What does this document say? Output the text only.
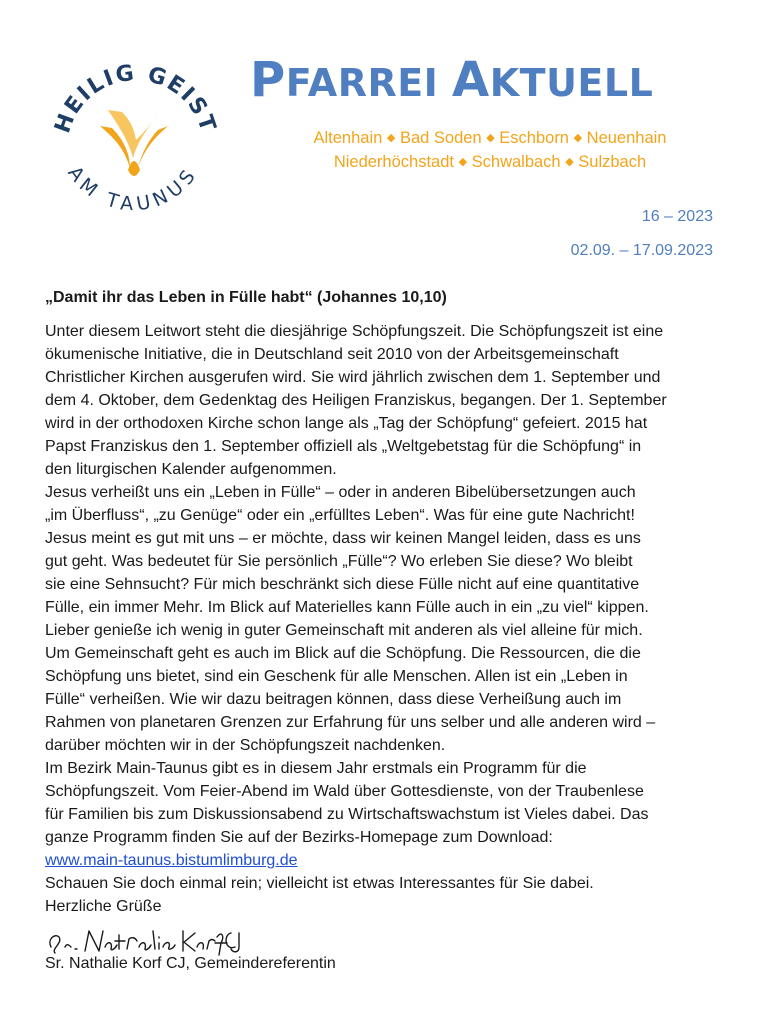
HEILIG GEIST
AM TAUNUS
PFARREI AKTUELL
Altenhain ◆ Bad Soden ◆ Eschborn ◆ Neuenhain
Niederhöchstadt ◆ Schwalbach ◆ Sulzbach
16 – 2023
02.09. – 17.09.2023
„Damit ihr das Leben in Fülle habt“ (Johannes 10,10)

Unter diesem Leitwort steht die diesjährige Schöpfungszeit. Die Schöpfungszeit ist eine

ökumenische Initiative, die in Deutschland seit 2010 von der Arbeitsgemeinschaft

Christlicher Kirchen ausgerufen wird. Sie wird jährlich zwischen dem 1. September und

dem 4. Oktober, dem Gedenktag des Heiligen Franziskus, begangen. Der 1. September

wird in der orthodoxen Kirche schon lange als „Tag der Schöpfung“ gefeiert. 2015 hat

Papst Franziskus den 1. September offiziell als „Weltgebetstag für die Schöpfung“ in

den liturgischen Kalender aufgenommen.

Jesus verheißt uns ein „Leben in Fülle“ – oder in anderen Bibelübersetzungen auch

„im Überfluss“, „zu Genüge“ oder ein „erfülltes Leben“. Was für eine gute Nachricht!

Jesus meint es gut mit uns – er möchte, dass wir keinen Mangel leiden, dass es uns

gut geht. Was bedeutet für Sie persönlich „Fülle“? Wo erleben Sie diese? Wo bleibt

sie eine Sehnsucht? Für mich beschränkt sich diese Fülle nicht auf eine quantitative

Fülle, ein immer Mehr. Im Blick auf Materielles kann Fülle auch in ein „zu viel“ kippen.

Lieber genieße ich wenig in guter Gemeinschaft mit anderen als viel alleine für mich.

Um Gemeinschaft geht es auch im Blick auf die Schöpfung. Die Ressourcen, die die

Schöpfung uns bietet, sind ein Geschenk für alle Menschen. Allen ist ein „Leben in

Fülle“ verheißen. Wie wir dazu beitragen können, dass diese Verheißung auch im

Rahmen von planetaren Grenzen zur Erfahrung für uns selber und alle anderen wird –

darüber möchten wir in der Schöpfungszeit nachdenken.

Im Bezirk Main-Taunus gibt es in diesem Jahr erstmals ein Programm für die

Schöpfungszeit. Vom Feier-Abend im Wald über Gottesdienste, von der Traubenlese

für Familien bis zum Diskussionsabend zu Wirtschaftswachstum ist Vieles dabei. Das

ganze Programm finden Sie auf der Bezirks-Homepage zum Download:

www.main-taunus.bistumlimburg.de

Schauen Sie doch einmal rein; vielleicht ist etwas Interessantes für Sie dabei.

Herzliche Grüße

Sr. Nathalie Korf CJ, Gemeindereferentin
